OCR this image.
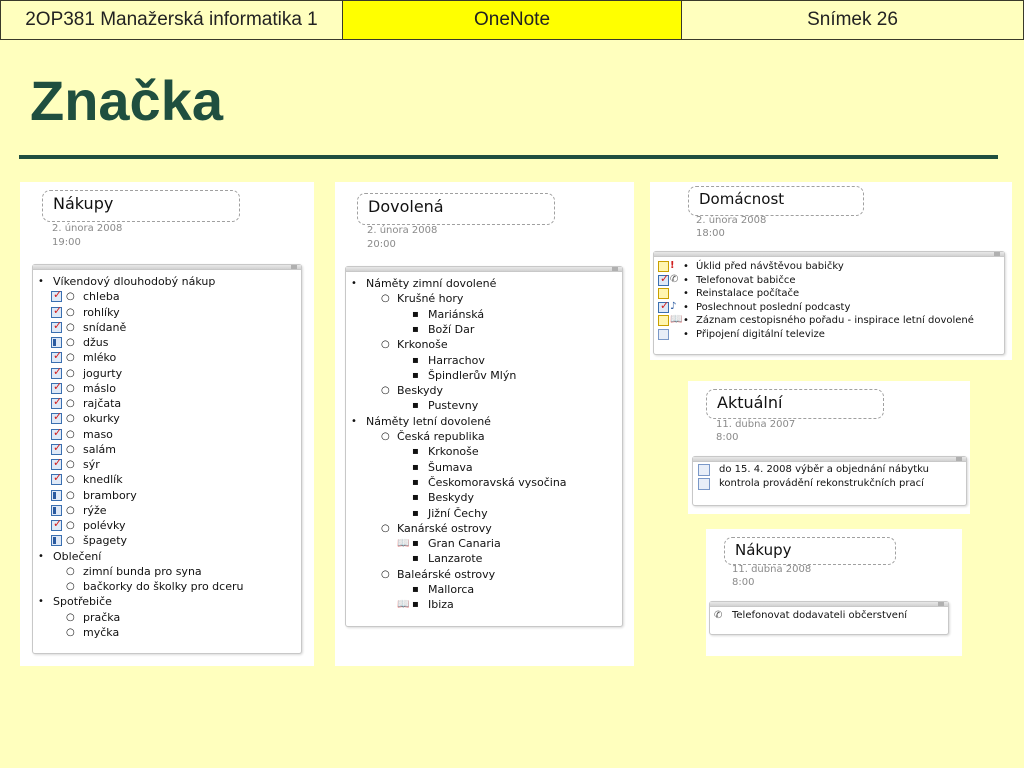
2OP381 Manažerská informatika 1	OneNote	Snímek 26
Značka
Nákupy
2. února 2008
19:00
• Víkendový dlouhodobý nákup
○ chleba
✓
○ rohlíky
✓
○ snídaně
✓
○ džus
○ mléko
✓
○ jogurty
✓
○ máslo
✓
○ rajčata
✓
○ okurky
✓
○ maso
✓
○ salám
✓
○ sýr
✓
○ knedlík
✓
○ brambory
○ rýže
○ polévky
✓
○ špagety
• Oblečení
○ zimní bunda pro syna
○ bačkorky do školky pro dceru
• Spotřebiče
○ pračka
○ myčka
Dovolená
2. února 2008
20:00
• Náměty zimní dovolené
○ Krušné hory
▪ Mariánská
▪ Boží Dar
○ Krkonoše
▪ Harrachov
▪ Špindlerův Mlýn
○ Beskydy
▪ Pustevny
• Náměty letní dovolené
○ Česká republika
▪ Krkonoše
▪ Šumava
▪ Českomoravská vysočina
▪ Beskydy
▪ Jižní Čechy
○ Kanárské ostrovy
▪ Gran Canaria
📖
▪ Lanzarote
○ Baleárské ostrovy
▪ Mallorca
▪ Ibiza
📖
Domácnost
2. února 2008
18:00
! • Úklid před návštěvou babičky
✓
✆ • Telefonovat babičce
• Reinstalace počítače
✓
♪ • Poslechnout poslední podcasty
📖 • Záznam cestopisného pořadu - inspirace letní dovolené
• Připojení digitální televize
Aktuální
11. dubna 2007
8:00
do 15. 4. 2008 výběr a objednání nábytku
kontrola provádění rekonstrukčních prací
Nákupy
11. dubna 2008
8:00
✆ Telefonovat dodavateli občerstvení
